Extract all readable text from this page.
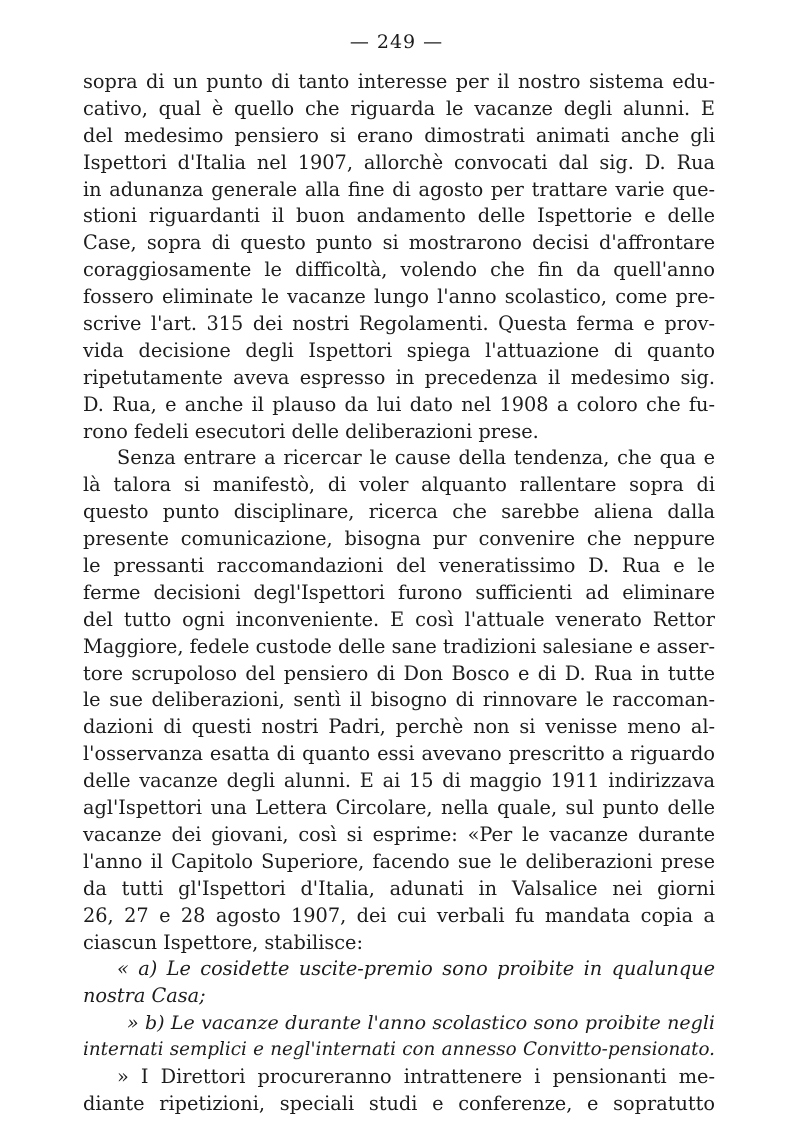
— 249 —
sopra di un punto di tanto interesse per il nostro sistema edu-
cativo, qual è quello che riguarda le vacanze degli alunni. E
del medesimo pensiero si erano dimostrati animati anche gli
Ispettori d'Italia nel 1907, allorchè convocati dal sig. D. Rua
in adunanza generale alla fine di agosto per trattare varie que-
stioni riguardanti il buon andamento delle Ispettorie e delle
Case, sopra di questo punto si mostrarono decisi d'affrontare
coraggiosamente le difficoltà, volendo che fin da quell'anno
fossero eliminate le vacanze lungo l'anno scolastico, come pre-
scrive l'art. 315 dei nostri Regolamenti. Questa ferma e prov-
vida decisione degli Ispettori spiega l'attuazione di quanto
ripetutamente aveva espresso in precedenza il medesimo sig.
D. Rua, e anche il plauso da lui dato nel 1908 a coloro che fu-
rono fedeli esecutori delle deliberazioni prese.
Senza entrare a ricercar le cause della tendenza, che qua e
là talora si manifestò, di voler alquanto rallentare sopra di
questo punto disciplinare, ricerca che sarebbe aliena dalla
presente comunicazione, bisogna pur convenire che neppure
le pressanti raccomandazioni del veneratissimo D. Rua e le
ferme decisioni degl'Ispettori furono sufficienti ad eliminare
del tutto ogni inconveniente. E così l'attuale venerato Rettor
Maggiore, fedele custode delle sane tradizioni salesiane e asser-
tore scrupoloso del pensiero di Don Bosco e di D. Rua in tutte
le sue deliberazioni, sentì il bisogno di rinnovare le raccoman-
dazioni di questi nostri Padri, perchè non si venisse meno al-
l'osservanza esatta di quanto essi avevano prescritto a riguardo
delle vacanze degli alunni. E ai 15 di maggio 1911 indirizzava
agl'Ispettori una Lettera Circolare, nella quale, sul punto delle
vacanze dei giovani, così si esprime: «Per le vacanze durante
l'anno il Capitolo Superiore, facendo sue le deliberazioni prese
da tutti gl'Ispettori d'Italia, adunati in Valsalice nei giorni
26, 27 e 28 agosto 1907, dei cui verbali fu mandata copia a
ciascun Ispettore, stabilisce:
« a) Le cosidette uscite-premio sono proibite in qualunque
nostra Casa;
» b) Le vacanze durante l'anno scolastico sono proibite negli
internati semplici e negl'internati con annesso Convitto-pensionato.
» I Direttori procureranno intrattenere i pensionanti me-
diante ripetizioni, speciali studi e conferenze, e sopratutto
